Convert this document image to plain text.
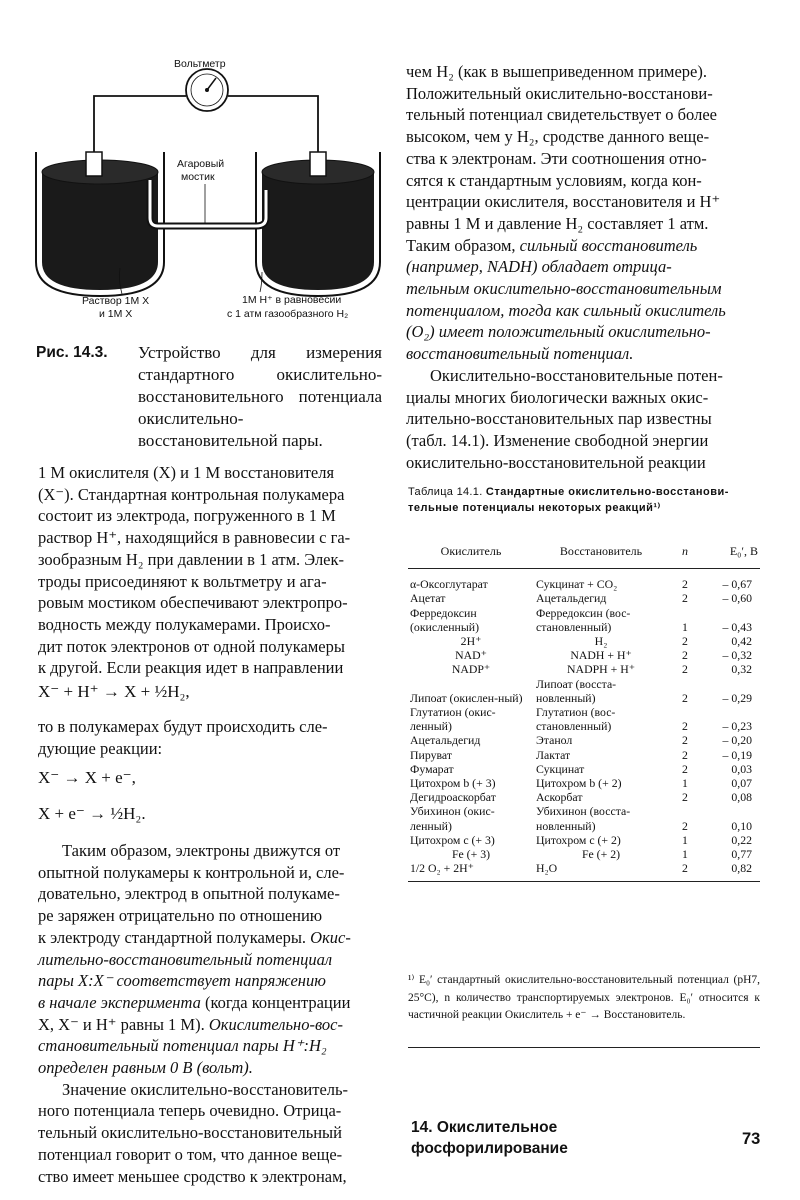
Вольтметр
Агаровый
мостик
Раствор 1М X
и 1М X
1М H⁺ в равновесии
с 1 атм газообразного H₂
Рис. 14.3.	Устройство для измерения стандартного окислительно-восстановительного потенциала окислительно-восстановительной пары.

чем H₂ (как в вышеприведенном примере).

Положительный окислительно-восстанови-

тельный потенциал свидетельствует о более

высоком, чем у H₂, сродстве данного веще-

ства к электронам. Эти соотношения отно-

сятся к стандартным условиям, когда кон-

центрации окислителя, восстановителя и H⁺

равны 1 М и давление H₂ составляет 1 атм.

Таким образом, сильный восстановитель

(например, NADH) обладает отрица-

тельным окислительно-восстановительным

потенциалом, тогда как сильный окислитель

(O₂) имеет положительный окислительно-

восстановительный потенциал.

Окислительно-восстановительные потен-

циалы многих биологически важных окис-

лительно-восстановительных пар известны

(табл. 14.1). Изменение свободной энергии

окислительно-восстановительной реакции

1 М окислителя (X) и 1 М восстановителя

(X⁻). Стандартная контрольная полукамера

состоит из электрода, погруженного в 1 М

раствор H⁺, находящийся в равновесии с га-

зообразным H₂ при давлении в 1 атм. Элек-

троды присоединяют к вольтметру и ага-

ровым мостиком обеспечивают электропро-

водность между полукамерами. Происхо-

дит поток электронов от одной полукамеры

к другой. Если реакция идет в направлении

X⁻ + H⁺ → X + ½H₂,

то в полукамерах будут происходить сле-

дующие реакции:

X⁻ → X + e⁻,
X + e⁻ → ½H₂.

Таким образом, электроны движутся от

опытной полукамеры к контрольной и, сле-

довательно, электрод в опытной полукаме-

ре заряжен отрицательно по отношению

к электроду стандартной полукамеры. Окис-

лительно-восстановительный потенциал

пары X:X⁻ соответствует напряжению

в начале эксперимента (когда концентрации

X, X⁻ и H⁺ равны 1 М). Окислительно-вос-

становительный потенциал пары H⁺:H₂

определен равным 0 В (вольт).

Значение окислительно-восстановитель-

ного потенциала теперь очевидно. Отрица-

тельный окислительно-восстановительный

потенциал говорит о том, что данное веще-

ство имеет меньшее сродство к электронам,

Таблица 14.1. Стандартные окислительно-восстанови-тельные потенциалы некоторых реакций¹⁾
Окислитель	Восстановитель	n	E₀′, В
α-Оксоглутарат	Сукцинат + CO₂	2	– 0,67
Ацетат	Ацетальдегид	2	– 0,60
Ферредоксин (окисленный)	Ферредоксин (вос-становленный)	1	– 0,43
2H⁺	H₂	2	0,42
NAD⁺	NADH + H⁺	2	– 0,32
NADP⁺	NADPH + H⁺	2	0,32
Липоат (окислен-ный)	Липоат (восста-новленный)	2	– 0,29
Глутатион (окис-ленный)	Глутатион (вос-становленный)	2	– 0,23
Ацетальдегид	Этанол	2	– 0,20
Пируват	Лактат	2	– 0,19
Фумарат	Сукцинат	2	0,03
Цитохром b (+ 3)	Цитохром b (+ 2)	1	0,07
Дегидроаскорбат	Аскорбат	2	0,08
Убихинон (окис-ленный)	Убихинон (восста-новленный)	2	0,10
Цитохром c (+ 3)	Цитохром c (+ 2)	1	0,22
Fe (+ 3)	Fe (+ 2)	1	0,77
1/2 O₂ + 2H⁺	H₂O	2	0,82
¹⁾ E₀′ стандартный окислительно-восстановительный потенциал (pH7, 25°С), n количество транспортируемых электронов. E₀′ относится к частичной реакции Окислитель + e⁻ → Восстановитель.
14. Окислительное
фосфорилирование
73
